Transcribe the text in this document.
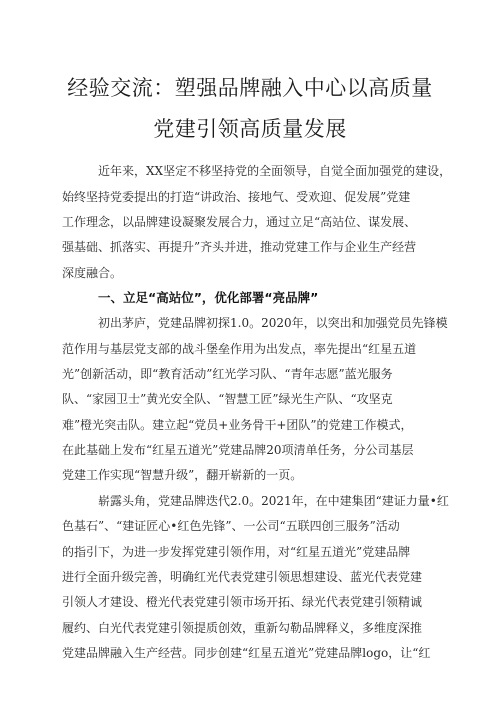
经验交流：塑强品牌融入中心以高质量
党建引领高质量发展
近年来，XX坚定不移坚持党的全面领导，自觉全面加强党的建设，
始终坚持党委提出的打造“讲政治、接地气、受欢迎、促发展”党建
工作理念，以品牌建设凝聚发展合力，通过立足“高站位、谋发展、
强基础、抓落实、再提升”齐头并进，推动党建工作与企业生产经营
深度融合。
一、立足“高站位”，优化部署“亮品牌”
初出茅庐，党建品牌初探1.0。2020年，以突出和加强党员先锋模
范作用与基层党支部的战斗堡垒作用为出发点，率先提出“红星五道
光”创新活动，即“教育活动”红光学习队、“青年志愿”蓝光服务
队、“家园卫士”黄光安全队、“智慧工匠”绿光生产队、“攻坚克
难”橙光突击队。建立起“党员+业务骨干+团队”的党建工作模式，
在此基础上发布“红星五道光”党建品牌20项清单任务，分公司基层
党建工作实现“智慧升级”，翻开崭新的一页。
崭露头角，党建品牌迭代2.0。2021年，在中建集团“建证力量•红
色基石”、“建证匠心•红色先锋”、一公司“五联四创三服务”活动
的指引下，为进一步发挥党建引领作用，对“红星五道光”党建品牌
进行全面升级完善，明确红光代表党建引领思想建设、蓝光代表党建
引领人才建设、橙光代表党建引领市场开拓、绿光代表党建引领精诚
履约、白光代表党建引领提质创效，重新勾勒品牌释义，多维度深推
党建品牌融入生产经营。同步创建“红星五道光”党建品牌logo，让“红
